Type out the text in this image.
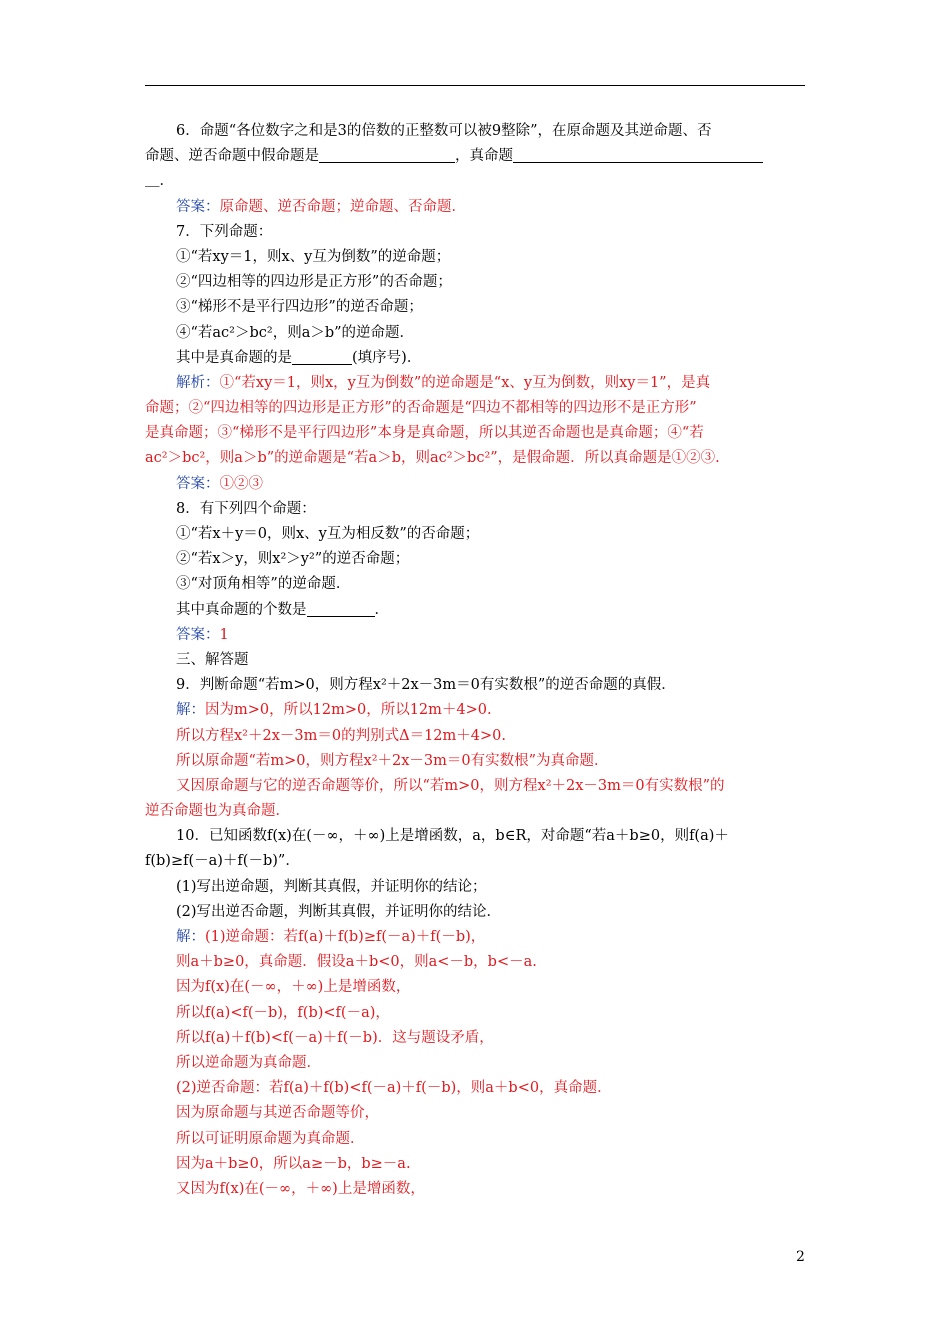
6．命题“各位数字之和是3的倍数的正整数可以被9整除”，在原命题及其逆命题、否
命题、逆否命题中假命题是	，真命题
＿．
答案：原命题、逆否命题；逆命题、否命题．
7．下列命题：
①“若xy＝1，则x、y互为倒数”的逆命题；
②“四边相等的四边形是正方形”的否命题；
③“梯形不是平行四边形”的逆否命题；
④“若ac²＞bc²，则a＞b”的逆命题．
其中是真命题的是	(填序号)．
解析：①“若xy＝1，则x，y互为倒数”的逆命题是“x、y互为倒数，则xy＝1”，是真
命题；②“四边相等的四边形是正方形”的否命题是“四边不都相等的四边形不是正方形”
是真命题；③“梯形不是平行四边形”本身是真命题，所以其逆否命题也是真命题；④“若
ac²＞bc²，则a＞b”的逆命题是“若a＞b，则ac²＞bc²”，是假命题．所以真命题是①②③.
答案：①②③
8．有下列四个命题：
①“若x＋y＝0，则x、y互为相反数”的否命题；
②“若x＞y，则x²＞y²”的逆否命题；
③“对顶角相等”的逆命题．
其中真命题的个数是	．
答案：1
三、解答题
9．判断命题“若m>0，则方程x²＋2x－3m＝0有实数根”的逆否命题的真假．
解：因为m>0，所以12m>0，所以12m＋4>0.
所以方程x²＋2x－3m＝0的判别式Δ＝12m＋4>0.
所以原命题“若m>0，则方程x²＋2x－3m＝0有实数根”为真命题．
又因原命题与它的逆否命题等价，所以“若m>0，则方程x²＋2x－3m＝0有实数根”的
逆否命题也为真命题．
10．已知函数f(x)在(－∞，＋∞)上是增函数，a，b∈R，对命题“若a＋b≥0，则f(a)＋
f(b)≥f(－a)＋f(－b)”．
(1)写出逆命题，判断其真假，并证明你的结论；
(2)写出逆否命题，判断其真假，并证明你的结论．
解：(1)逆命题：若f(a)＋f(b)≥f(－a)＋f(－b)，
则a＋b≥0，真命题．假设a＋b<0，则a<－b，b<－a.
因为f(x)在(－∞，＋∞)上是增函数，
所以f(a)<f(－b)，f(b)<f(－a)，
所以f(a)＋f(b)<f(－a)＋f(－b)．这与题设矛盾，
所以逆命题为真命题．
(2)逆否命题：若f(a)＋f(b)<f(－a)＋f(－b)，则a＋b<0，真命题．
因为原命题与其逆否命题等价，
所以可证明原命题为真命题．
因为a＋b≥0，所以a≥－b，b≥－a.
又因为f(x)在(－∞，＋∞)上是增函数，
2
